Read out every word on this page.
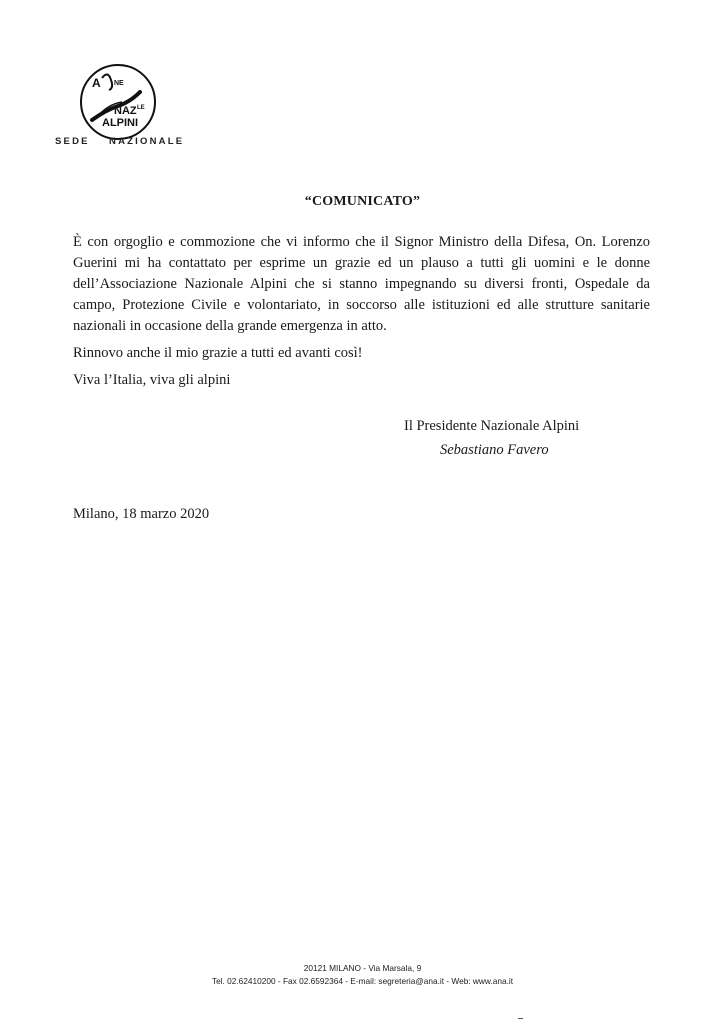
A NE
NAZ LE
ALPINI
SEDE    NAZIONALE
“COMUNICATO”

È con orgoglio e commozione che vi informo che il Signor Ministro della Difesa, On. Lorenzo Guerini mi ha contattato per esprime un grazie ed un plauso a tutti gli uomini e le donne dell’Associazione Nazionale Alpini che si stanno impegnando su diversi fronti, Ospedale da campo, Protezione Civile e volontariato, in soccorso alle istituzioni ed alle strutture sanitarie nazionali in occasione della grande emergenza in atto.

Rinnovo anche il mio grazie a tutti ed avanti così!

Viva l’Italia, viva gli alpini

Il Presidente Nazionale Alpini
Sebastiano Favero
Milano, 18 marzo 2020
20121 MILANO - Via Marsala, 9
Tel. 02.62410200 - Fax 02.6592364 - E-mail: segreteria@ana.it - Web: www.ana.it
